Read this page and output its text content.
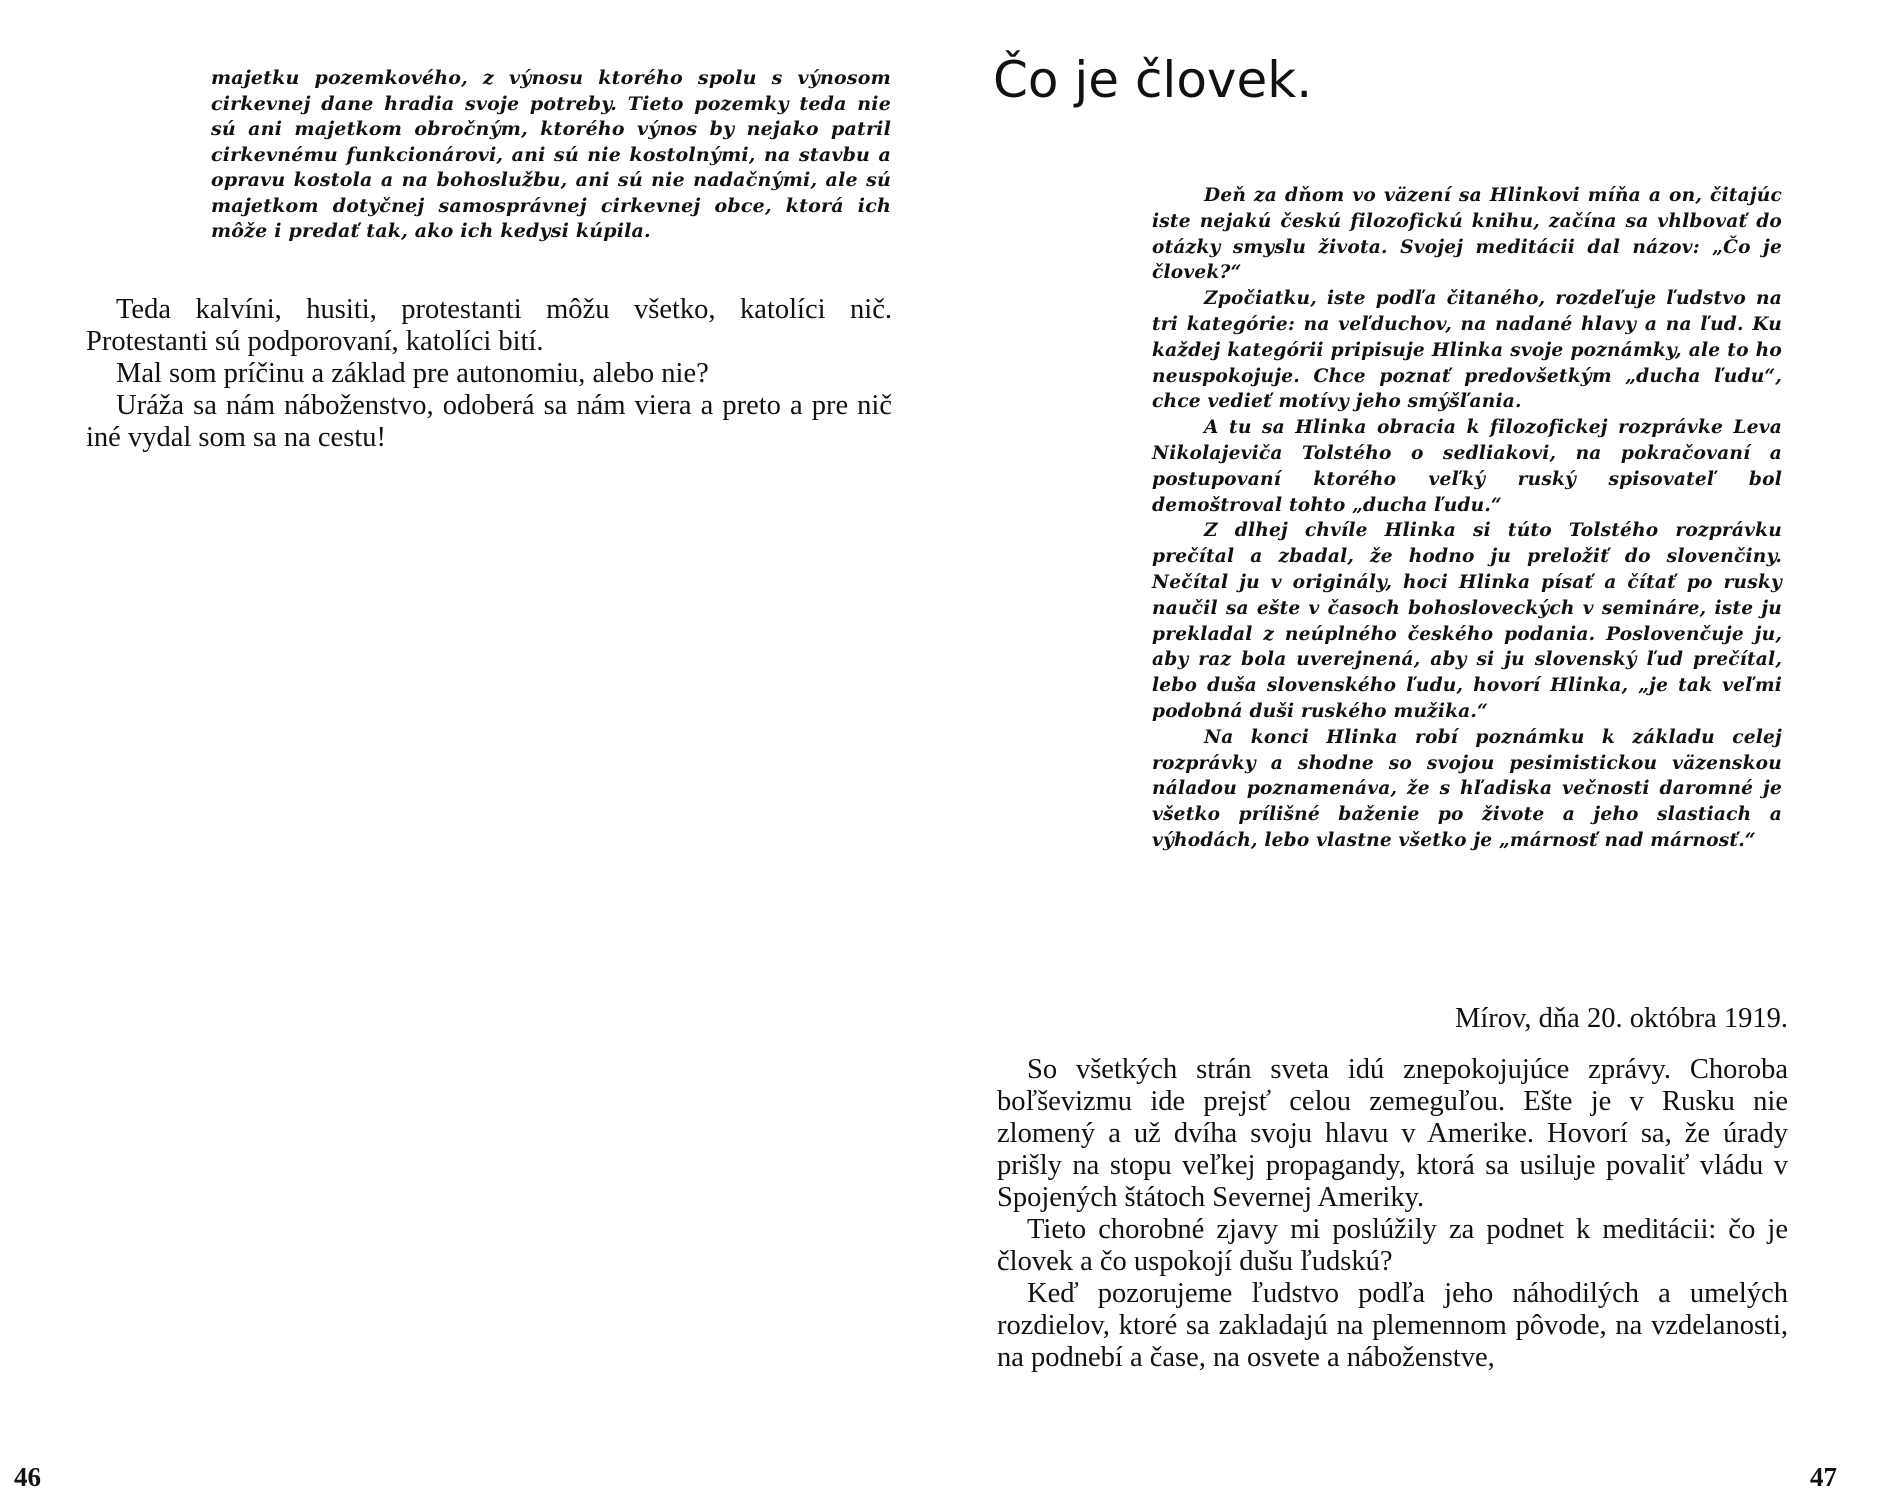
majetku pozemkového, z výnosu ktorého spolu s výnosom cirkevnej dane hradia svoje potreby. Tieto pozemky teda nie sú ani majetkom obročným, ktorého výnos by nejako patril cirkevnému funkcionárovi, ani sú nie kostolnými, na stavbu a opravu kostola a na bohoslužbu, ani sú nie nadačnými, ale sú majetkom dotyčnej samosprávnej cirkevnej obce, ktorá ich môže i predať tak, ako ich kedysi kúpila.

Teda kalvíni, husiti, protestanti môžu všetko, katolíci nič. Protestanti sú podporovaní, katolíci bití.

Mal som príčinu a základ pre autonomiu, alebo nie?

Uráža sa nám náboženstvo, odoberá sa nám viera a preto a pre nič iné vydal som sa na cestu!

46
Čo je človek.

Deň za dňom vo väzení sa Hlinkovi míňa a on, čitajúc iste nejakú českú filozofickú knihu, začína sa vhlbovať do otázky smyslu života. Svojej meditácii dal názov: „Čo je človek?“

Zpočiatku, iste podľa čitaného, rozdeľuje ľudstvo na tri kategórie: na veľduchov, na nadané hlavy a na ľud. Ku každej kategórii pripisuje Hlinka svoje poznámky, ale to ho neuspokojuje. Chce poznať predovšetkým „ducha ľudu“, chce vedieť motívy jeho smýšľania.

A tu sa Hlinka obracia k filozofickej rozprávke Leva Nikolajeviča Tolstého o sedliakovi, na pokračovaní a postupovaní ktorého veľký ruský spisovateľ bol demoštroval tohto „ducha ľudu.“

Z dlhej chvíle Hlinka si túto Tolstého rozprávku prečítal a zbadal, že hodno ju preložiť do slovenčiny. Nečítal ju v originály, hoci Hlinka písať a čítať po rusky naučil sa ešte v časoch bohosloveckých v semináre, iste ju prekladal z neúplného českého podania. Poslovenčuje ju, aby raz bola uverejnená, aby si ju slovenský ľud prečítal, lebo duša slovenského ľudu, hovorí Hlinka, „je tak veľmi podobná duši ruského mužika.“

Na konci Hlinka robí poznámku k základu celej rozprávky a shodne so svojou pesimistickou väzenskou náladou poznamenáva, že s hľadiska večnosti daromné je všetko prílišné baženie po živote a jeho slastiach a výhodách, lebo vlastne všetko je „márnosť nad márnosť.“

Mírov, dňa 20. októbra 1919.

So všetkých strán sveta idú znepokojujúce zprávy. Choroba boľševizmu ide prejsť celou zemeguľou. Ešte je v Rusku nie zlomený a už dvíha svoju hlavu v Amerike. Hovorí sa, že úrady prišly na stopu veľkej propagandy, ktorá sa usiluje povaliť vládu v Spojených štátoch Severnej Ameriky.

Tieto chorobné zjavy mi poslúžily za podnet k meditácii: čo je človek a čo uspokojí dušu ľudskú?

Keď pozorujeme ľudstvo podľa jeho náhodilých a umelých rozdielov, ktoré sa zakladajú na plemennom pôvode, na vzdelanosti, na podnebí a čase, na osvete a náboženstve,

47
